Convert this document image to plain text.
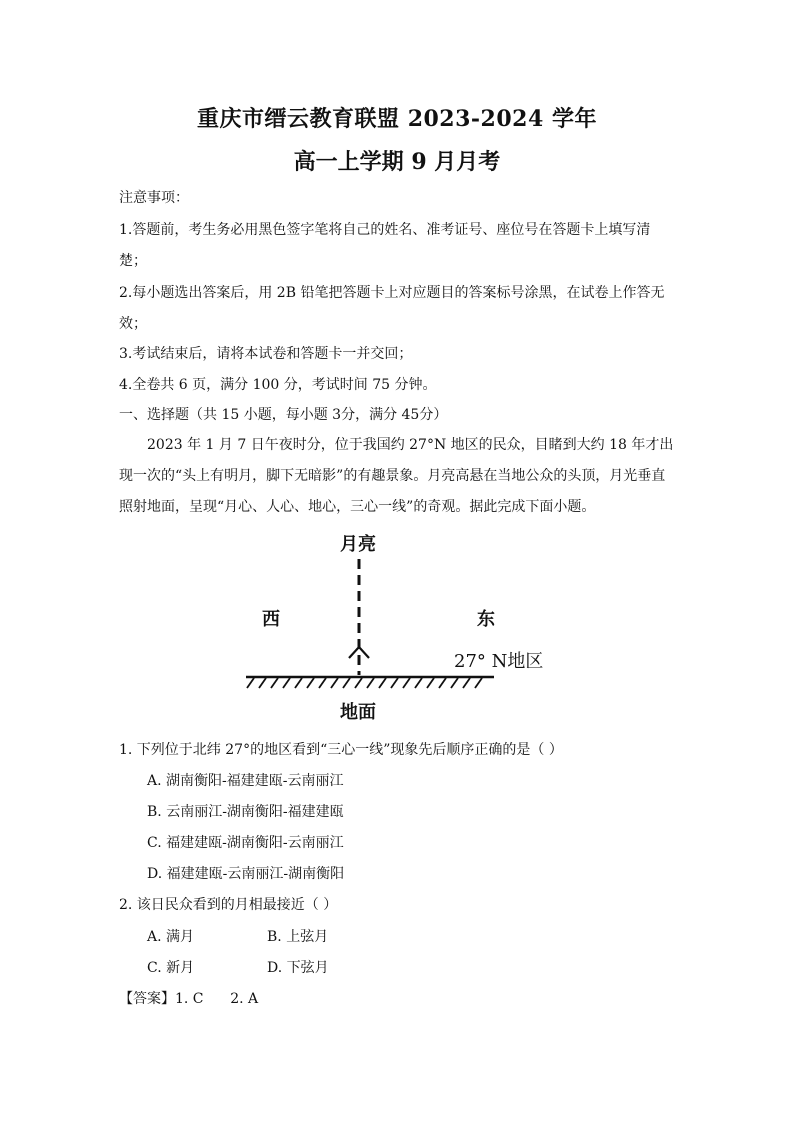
重庆市缙云教育联盟 2023-2024 学年
高一上学期 9 月月考
注意事项：
1.答题前，考生务必用黑色签字笔将自己的姓名、准考证号、座位号在答题卡上填写清
楚；
2.每小题选出答案后，用 2B 铅笔把答题卡上对应题目的答案标号涂黑，在试卷上作答无
效；
3.考试结束后，请将本试卷和答题卡一并交回；
4.全卷共 6 页，满分 100 分，考试时间 75 分钟。
一、选择题（共 15 小题，每小题 3分，满分 45分）
2023 年 1 月 7 日午夜时分，位于我国约 27°N 地区的民众，目睹到大约 18 年才出现一次的“头上有明月，脚下无暗影”的有趣景象。月亮高悬在当地公众的头顶，月光垂直照射地面，呈现“月心、人心、地心，三心一线”的奇观。据此完成下面小题。
月亮
西	东
27° N地区
地面
1. 下列位于北纬 27°的地区看到“三心一线”现象先后顺序正确的是（ ）
A. 湖南衡阳-福建建瓯-云南丽江
B. 云南丽江-湖南衡阳-福建建瓯
C. 福建建瓯-湖南衡阳-云南丽江
D. 福建建瓯-云南丽江-湖南衡阳
2. 该日民众看到的月相最接近（ ）
A. 满月	B. 上弦月
C. 新月	D. 下弦月
【答案】1. C      2. A
